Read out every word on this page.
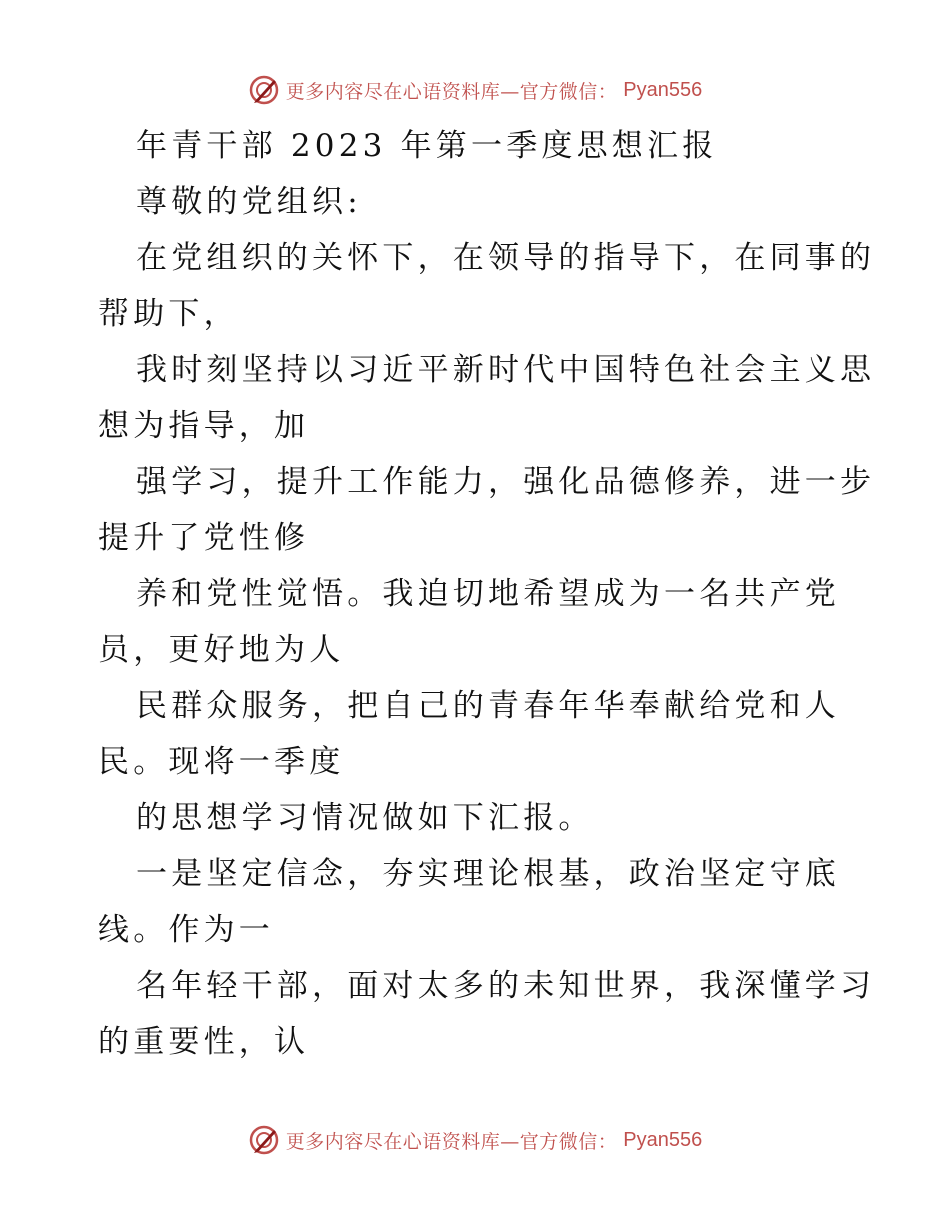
更多内容尽在心语资料库—官方微信： Pyan556
年青干部 2023 年第一季度思想汇报
尊敬的党组织:
在党组织的关怀下，在领导的指导下，在同事的
帮助下，
我时刻坚持以习近平新时代中国特色社会主义思
想为指导，加
强学习，提升工作能力，强化品德修养，进一步
提升了党性修
养和党性觉悟。我迫切地希望成为一名共产党
员，更好地为人
民群众服务，把自己的青春年华奉献给党和人
民。现将一季度
的思想学习情况做如下汇报。
一是坚定信念，夯实理论根基，政治坚定守底
线。作为一
名年轻干部，面对太多的未知世界，我深懂学习
的重要性，认
更多内容尽在心语资料库—官方微信： Pyan556
